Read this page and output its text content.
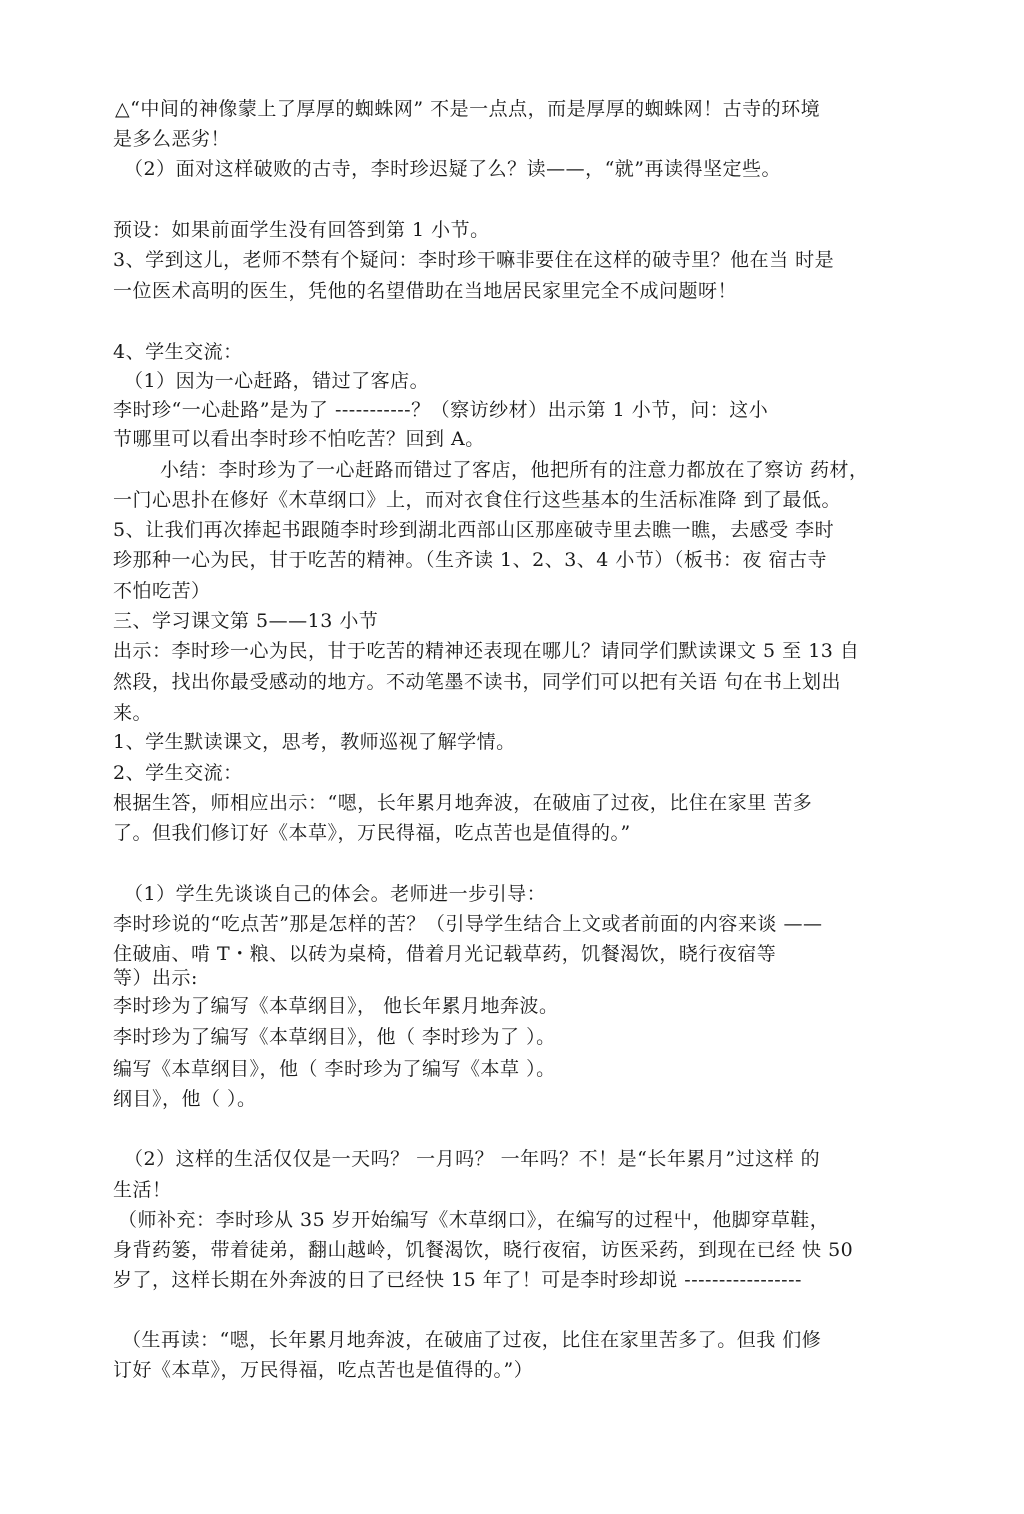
△“中间的神像蒙上了厚厚的蜘蛛网” 不是一点点，而是厚厚的蜘蛛网！古寺的环境
是多么恶劣！
（2）面对这样破败的古寺，李时珍迟疑了么？读——，“就”再读得坚定些。
预设：如果前面学生没有回答到第 1 小节。
3、学到这儿，老师不禁有个疑问：李时珍干嘛非要住在这样的破寺里？他在当 时是
一位医术高明的医生，凭他的名望借助在当地居民家里完全不成问题呀！
4、学生交流：
（1）因为一心赶路，错过了客店。
李时珍“一心赴路”是为了 -----------？（察访纱材）出示第 1 小节，问：这小
节哪里可以看出李时珍不怕吃苦？回到 A。
小结：李时珍为了一心赶路而错过了客店，他把所有的注意力都放在了察访 药材，
一门心思扑在修好《木草纲口》上，而对衣食住行这些基本的生活标准降 到了最低。
5、让我们再次捧起书跟随李时珍到湖北西部山区那座破寺里去瞧一瞧，去感受 李时
珍那种一心为民，甘于吃苦的精神。（生齐读 1、2、3、4 小节）（板书：夜 宿古寺
不怕吃苦）
三、学习课文第 5——13 小节
出示：李时珍一心为民，甘于吃苦的精神还表现在哪儿？请同学们默读课文 5 至 13 自
然段，找出你最受感动的地方。不动笔墨不读书，同学们可以把有关语 句在书上划出
来。
1、学生默读课文，思考，教师巡视了解学情。
2、学生交流：
根据生答，师相应出示：“嗯，长年累月地奔波，在破庙了过夜，比住在家里 苦多
了。但我们修订好《本草》，万民得福，吃点苦也是值得的。”
（1）学生先谈谈自己的体会。老师进一步引导：
李时珍说的“吃点苦”那是怎样的苦？（引导学生结合上文或者前面的内容来谈 ——
住破庙、啃 T・粮、以砖为桌椅，借着月光记载草药，饥餐渴饮，晓行夜宿等
等）出示:
李时珍为了编写《本草纲目》， 他长年累月地奔波。
李时珍为了编写《本草纲目》，他（ 李时珍为了 ）。
编写《本草纲目》，他（ 李时珍为了编写《本草 ）。
纲目》，他（ ）。
（2）这样的生活仅仅是一天吗？ 一月吗？ 一年吗？不！是“长年累月”过这样 的
生活！
（师补充：李时珍从 35 岁开始编写《木草纲口》，在编写的过程屮，他脚穿草鞋，
身背药篓，带着徒弟，翻山越岭，饥餐渴饮，晓行夜宿，访医采药，到现在已经 快 50
岁了，这样长期在外奔波的日了已经快 15 年了！可是李时珍却说 -----------------
（生再读：“嗯，长年累月地奔波，在破庙了过夜，比住在家里苦多了。但我 们修
订好《本草》，万民得福，吃点苦也是值得的。”）
